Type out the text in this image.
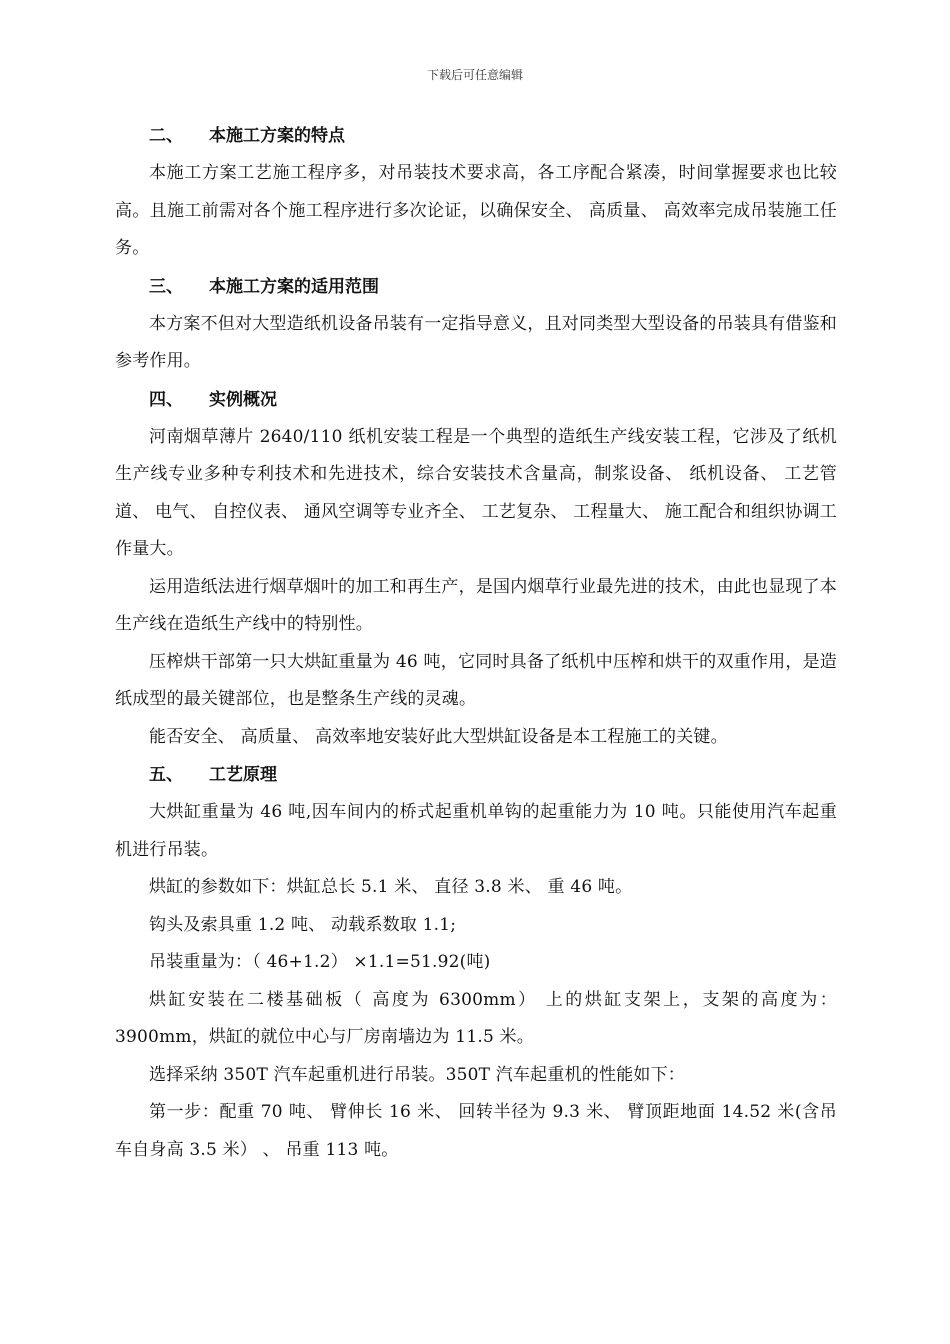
下载后可任意编辑
二、 本施工方案的特点

本施工方案工艺施工程序多，对吊装技术要求高，各工序配合紧凑，时间掌握要求也比较高。且施工前需对各个施工程序进行多次论证，以确保安全、 高质量、 高效率完成吊装施工任务。

三、 本施工方案的适用范围

本方案不但对大型造纸机设备吊装有一定指导意义，且对同类型大型设备的吊装具有借鉴和参考作用。

四、 实例概况

河南烟草薄片 2640/110 纸机安装工程是一个典型的造纸生产线安装工程，它涉及了纸机生产线专业多种专利技术和先进技术，综合安装技术含量高，制浆设备、 纸机设备、 工艺管道、 电气、 自控仪表、 通风空调等专业齐全、 工艺复杂、 工程量大、 施工配合和组织协调工作量大。

运用造纸法进行烟草烟叶的加工和再生产，是国内烟草行业最先进的技术，由此也显现了本生产线在造纸生产线中的特别性。

压榨烘干部第一只大烘缸重量为 46 吨，它同时具备了纸机中压榨和烘干的双重作用，是造纸成型的最关键部位，也是整条生产线的灵魂。

能否安全、 高质量、 高效率地安装好此大型烘缸设备是本工程施工的关键。

五、 工艺原理

大烘缸重量为 46 吨,因车间内的桥式起重机单钩的起重能力为 10 吨。只能使用汽车起重机进行吊装。

烘缸的参数如下：烘缸总长 5.1 米、 直径 3.8 米、 重 46 吨。

钩头及索具重 1.2 吨、 动载系数取 1.1;

吊装重量为：（ 46+1.2） ×1.1=51.92(吨)

烘缸安装在二楼基础板（ 高度为 6300mm） 上的烘缸支架上，支架的高度为：3900mm，烘缸的就位中心与厂房南墙边为 11.5 米。

选择采纳 350T 汽车起重机进行吊装。350T 汽车起重机的性能如下：

第一步：配重 70 吨、 臂伸长 16 米、 回转半径为 9.3 米、 臂顶距地面 14.52 米(含吊车自身高 3.5 米） 、 吊重 113 吨。
